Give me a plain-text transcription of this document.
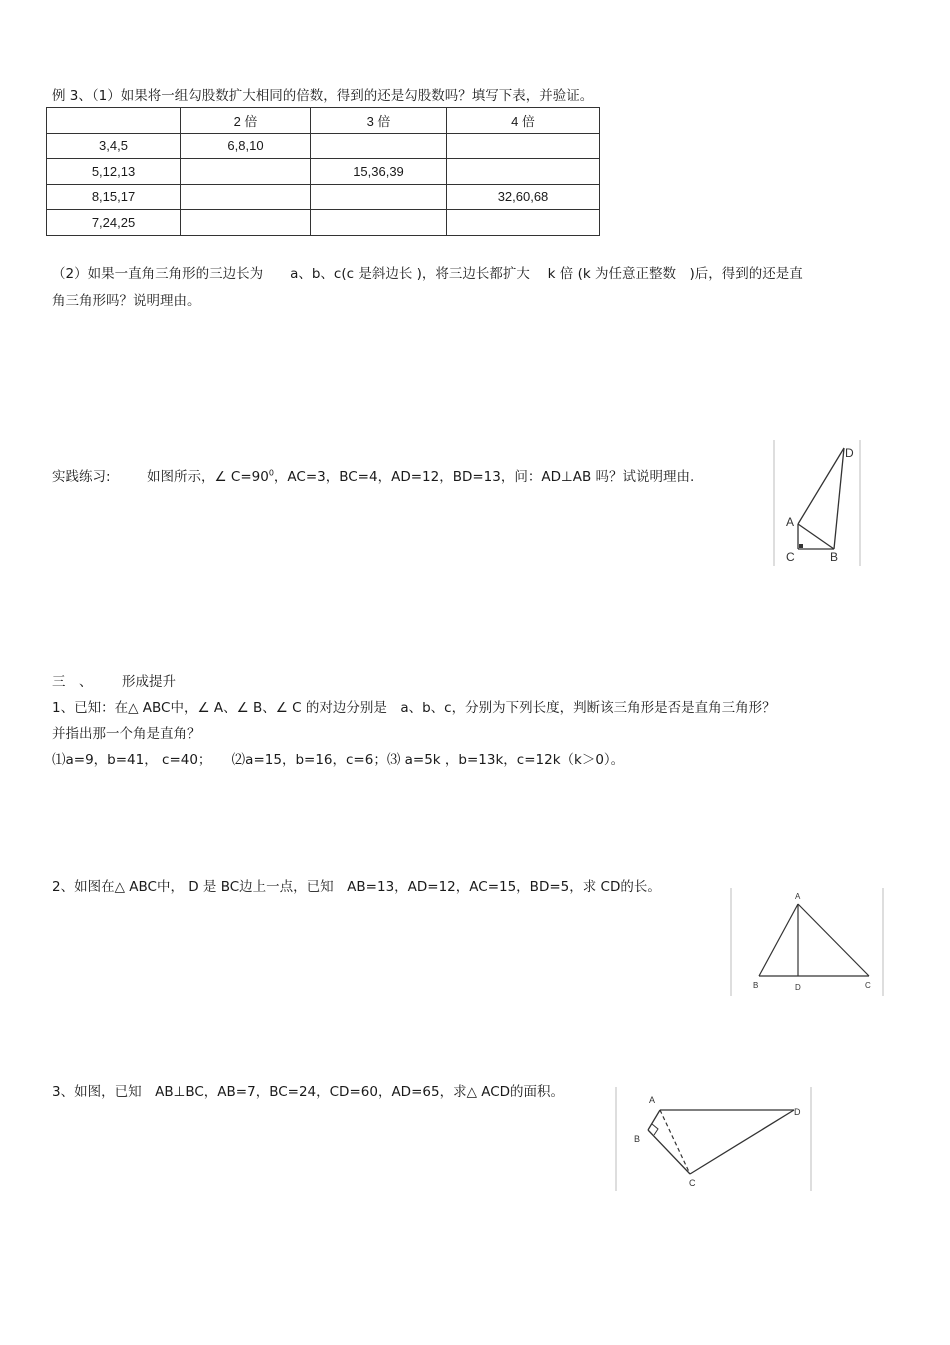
例 3、（1）如果将一组勾股数扩大相同的倍数，得到的还是勾股数吗？填写下表，并验证。
	2 倍	3 倍	4 倍
3,4,5	6,8,10		
5,12,13		15,36,39	
8,15,17			32,60,68
7,24,25			
（2）如果一直角三角形的三边长为　　a、b、c(c 是斜边长 )，将三边长都扩大　 k 倍 (k 为任意正整数　)后，得到的还是直
角三角形吗？说明理由。
实践练习:	如图所示，∠ $C=90^0$，AC=3，BC=4，AD=12，BD=13，问：AD⊥AB 吗？试说明理由.
A
C	B
D
三　、 形成提升
1、已知：在△ ABC中，∠ A、∠ B、∠ C 的对边分别是　a、b、c，分别为下列长度，判断该三角形是否是直角三角形？
并指出那一个角是直角？
⑴a=9，b=41， c=40；　　⑵a=15，b=16，c=6；⑶ a=5k ，b=13k，c=12k（k＞0）。
2、如图在△ ABC中， D 是 BC边上一点，已知　AB=13，AD=12，AC=15，BD=5，求 CD的长。
A
B	D	C
3、如图，已知　AB⊥BC，AB=7，BC=24，CD=60，AD=65，求△ ACD的面积。	A
B
C
D
